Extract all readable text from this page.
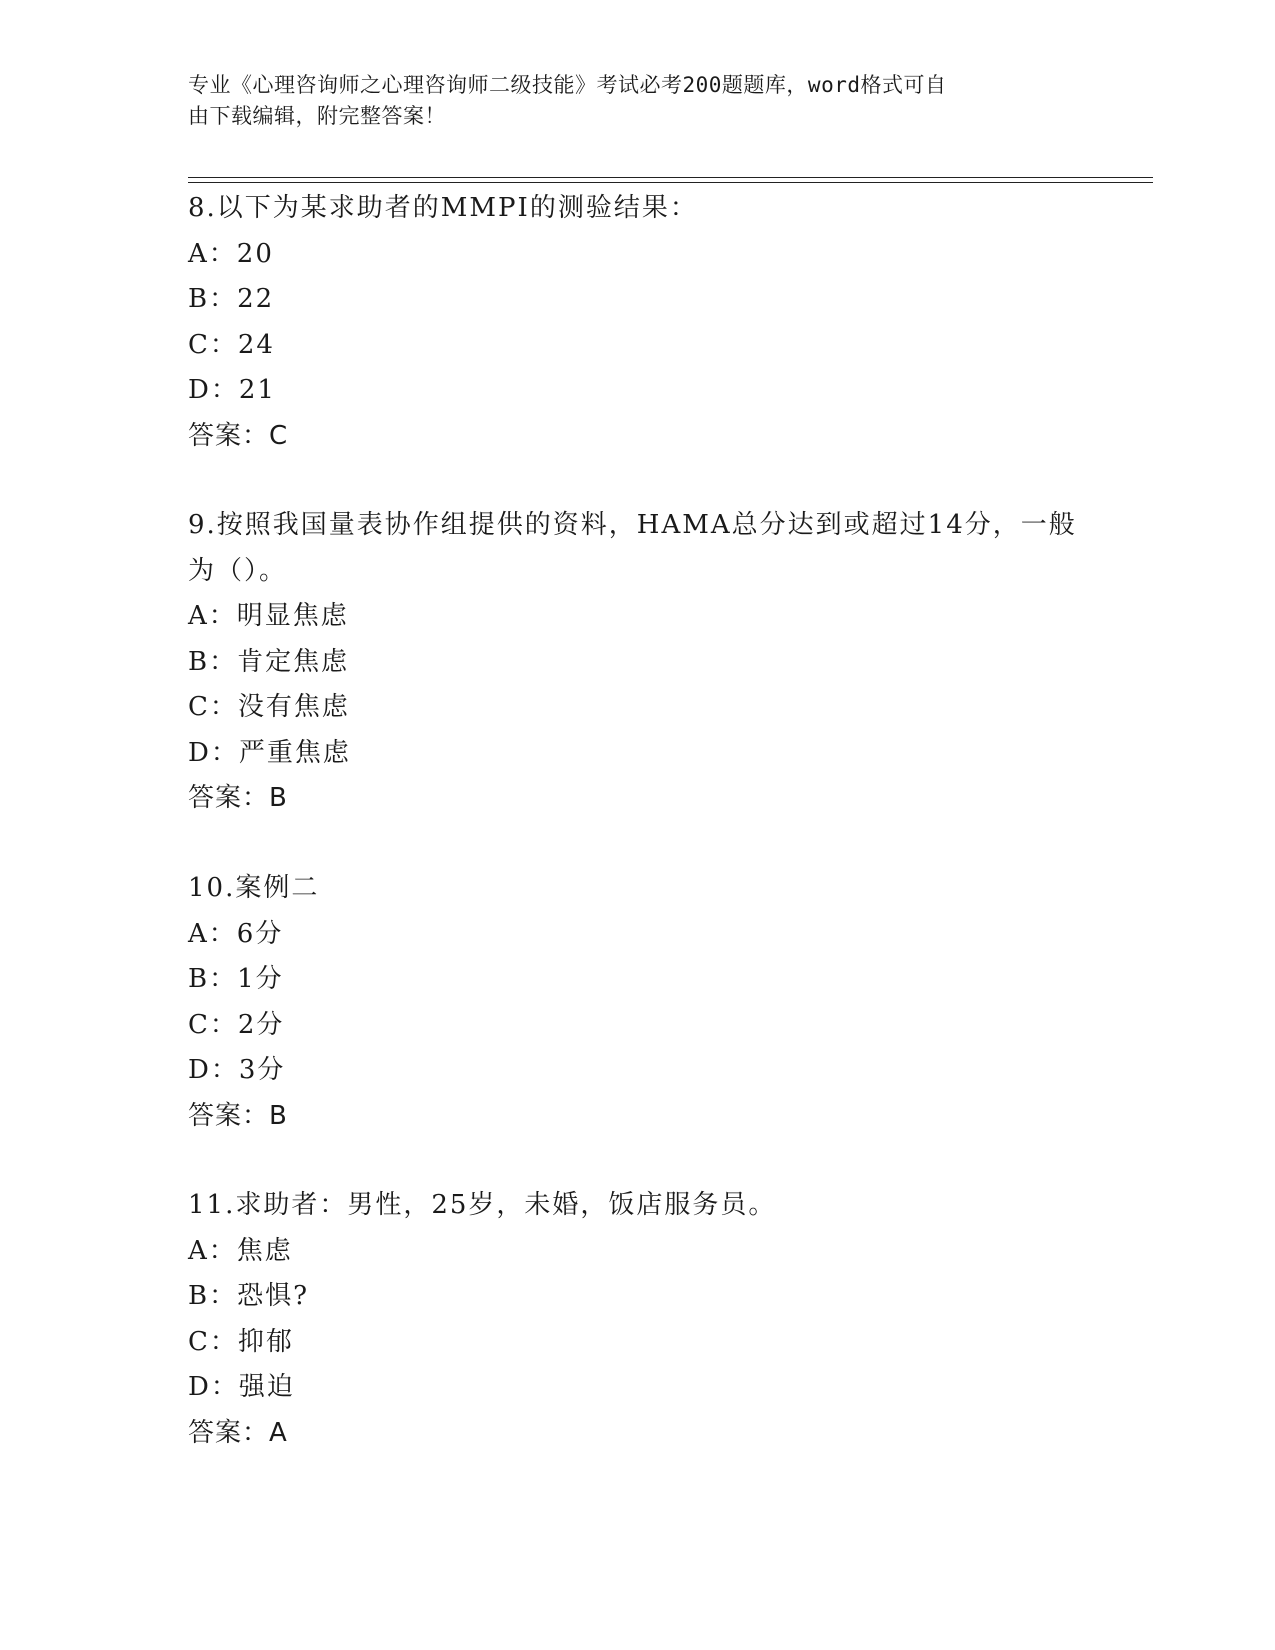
专业《心理咨询师之心理咨询师二级技能》考试必考200题题库，word格式可自
由下载编辑，附完整答案！
8.以下为某求助者的MMPI的测验结果：
A：20
B：22
C：24
D：21
答案：C
9.按照我国量表协作组提供的资料，HAMA总分达到或超过14分，一般
为（）。
A：明显焦虑
B：肯定焦虑
C：没有焦虑
D：严重焦虑
答案：B
10.案例二
A：6分
B：1分
C：2分
D：3分
答案：B
11.求助者：男性，25岁，未婚，饭店服务员。
A：焦虑
B：恐惧?
C：抑郁
D：强迫
答案：A
